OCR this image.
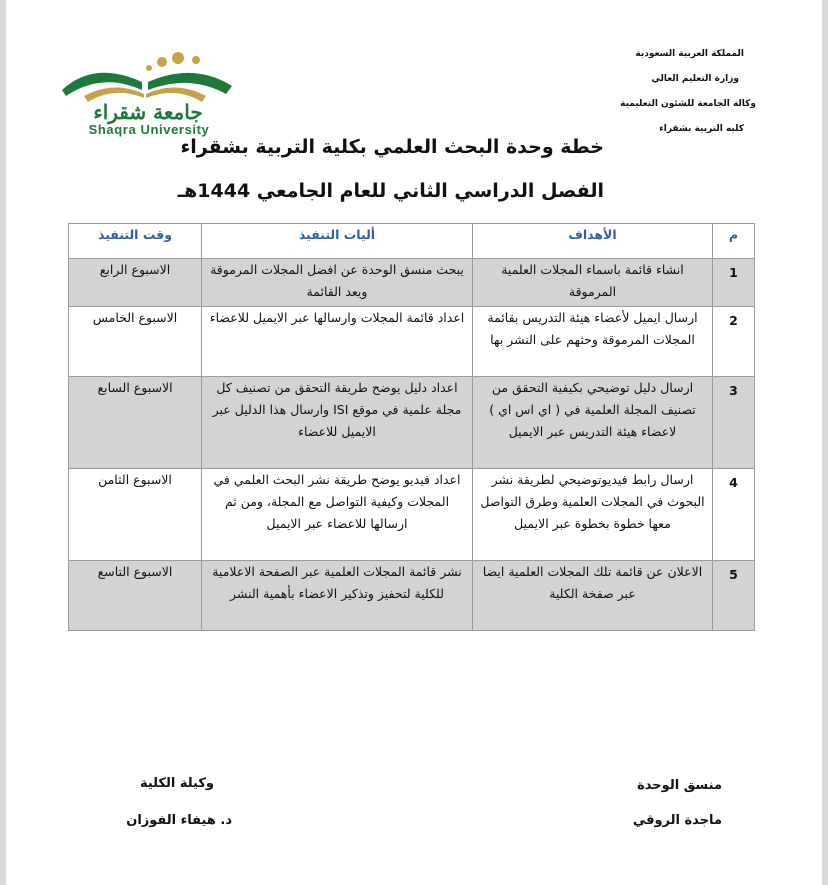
جامعة شقراء
Shaqra University
المملكة العربية السعودية
وزارة التعليم العالي
وكالة الجامعة للشئون التعليمية
كليه التربية بشقراء
خطة وحدة البحث العلمي بكلية التربية بشقراء
الفصل الدراسي الثاني للعام الجامعي 1444هـ
م	الأهداف	أليات التنفيذ	وقت التنفيذ
1	انشاء قائمة باسماء المجلات العلمية المرموقة	يبحث منسق الوحدة عن افضل المجلات المرموقة ويعد القائمة	الاسبوع الرابع
2	ارسال ايميل لأعضاء هيئة التدريس بقائمة المجلات المرموقة وحثهم على النشر بها	اعداد قائمة المجلات وارسالها عبر الايميل للاعضاء	الاسبوع الخامس
3	ارسال دليل توضيحي بكيفية التحقق من تصنيف المجلة العلمية في ( اي اس اي ) لاعضاء هيئة التدريس عبر الايميل	اعداد دليل يوضح طريقة التحقق من تصنيف كل مجلة علمية في موقع ISI وارسال هذا الدليل عبر الايميل للاعضاء	الاسبوع السابع
4	ارسال رابط فيديوتوضيحي لطريقة نشر البحوث في المجلات العلمية وطرق التواصل معها خطوة بخطوة عبر الايميل	اعداد فيديو يوضح طريقة نشر البحث العلمي في المجلات وكيفية التواصل مع المجلة، ومن ثم ارسالها للاعضاء عبر الايميل	الاسبوع الثامن
5	الاعلان عن قائمة تلك المجلات العلمية ايضا عبر صفخة الكلية	نشر قائمة المجلات العلمية عبر الصفحة الاعلامية للكلية لتحفيز وتذكير الاعضاء بأهمية النشر	الاسبوع التاسع
منسق الوحدة
ماجدة الروقي
وكيلة الكلية
د. هيفاء الفوزان
